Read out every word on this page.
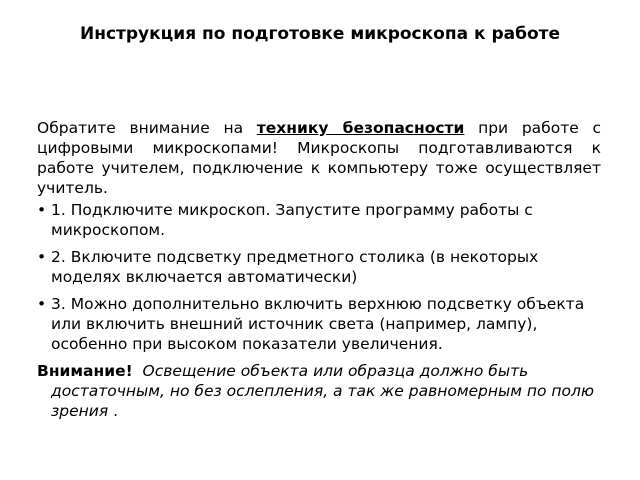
Инструкция по подготовке микроскопа к работе

Обратите внимание на технику безопасности при работе с цифровыми микроскопами! Микроскопы подготавливаются к работе учителем, подключение к компьютеру тоже осуществляет учитель.

• 1. Подключите микроскоп. Запустите программу работы с микроскопом.
• 2. Включите подсветку предметного столика (в некоторых моделях включается автоматически)
• 3. Можно дополнительно включить верхнюю подсветку объекта или включить внешний источник света (например, лампу), особенно при высоком показатели увеличения.
Внимание! Освещение объекта или образца должно быть достаточным, но без ослепления, а так же равномерным по полю зрения .
